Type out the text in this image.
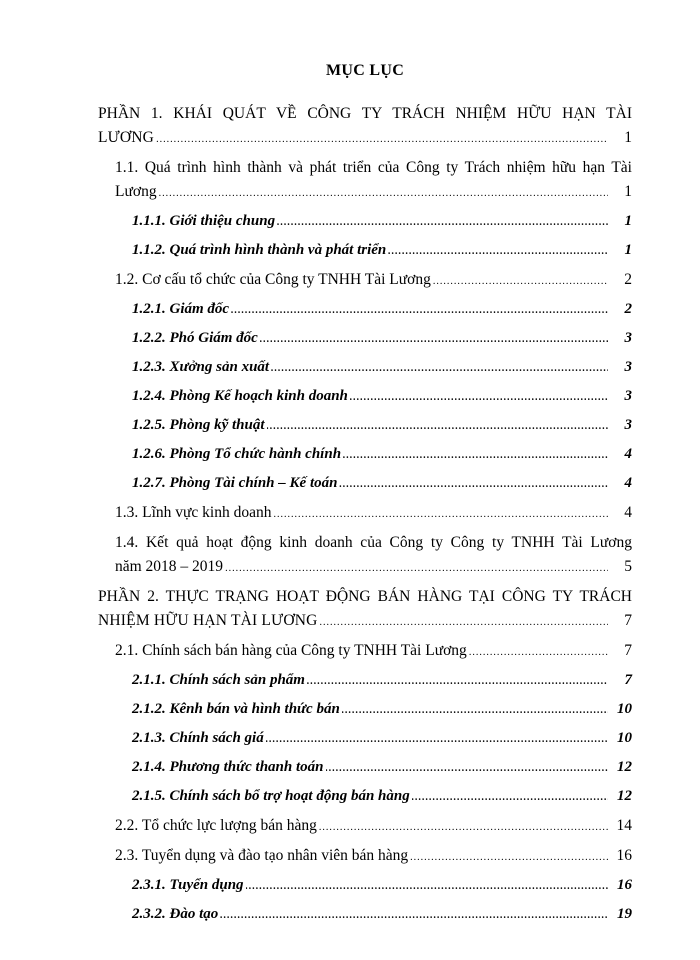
MỤC LỤC
PHẦN 1. KHÁI QUÁT VỀ CÔNG TY TRÁCH NHIỆM HỮU HẠN TÀI
LƯƠNG .....	1
1.1. Quá trình hình thành và phát triển của Công ty Trách nhiệm hữu hạn Tài
Lương .....	1
1.1.1. Giới thiệu chung .....	1
1.1.2. Quá trình hình thành và phát triển .....	1
1.2. Cơ cấu tổ chức của Công ty TNHH Tài Lương .....	2
1.2.1. Giám đốc .....	2
1.2.2. Phó Giám đốc .....	3
1.2.3. Xưởng sản xuất .....	3
1.2.4. Phòng Kế hoạch kinh doanh .....	3
1.2.5. Phòng kỹ thuật .....	3
1.2.6. Phòng Tổ chức hành chính .....	4
1.2.7. Phòng Tài chính – Kế toán .....	4
1.3. Lĩnh vực kinh doanh .....	4
1.4. Kết quả hoạt động kinh doanh của Công ty Công ty TNHH Tài Lương
năm 2018 – 2019 .....	5
PHẦN 2. THỰC TRẠNG HOẠT ĐỘNG BÁN HÀNG TẠI CÔNG TY TRÁCH
NHIỆM HỮU HẠN TÀI LƯƠNG .....	7
2.1. Chính sách bán hàng của Công ty TNHH Tài Lương .....	7
2.1.1. Chính sách sản phẩm .....	7
2.1.2. Kênh bán và hình thức bán .....	10
2.1.3. Chính sách giá .....	10
2.1.4. Phương thức thanh toán .....	12
2.1.5. Chính sách bổ trợ hoạt động bán hàng .....	12
2.2. Tổ chức lực lượng bán hàng .....	14
2.3. Tuyển dụng và đào tạo nhân viên bán hàng .....	16
2.3.1. Tuyển dụng .....	16
2.3.2. Đào tạo .....	19
